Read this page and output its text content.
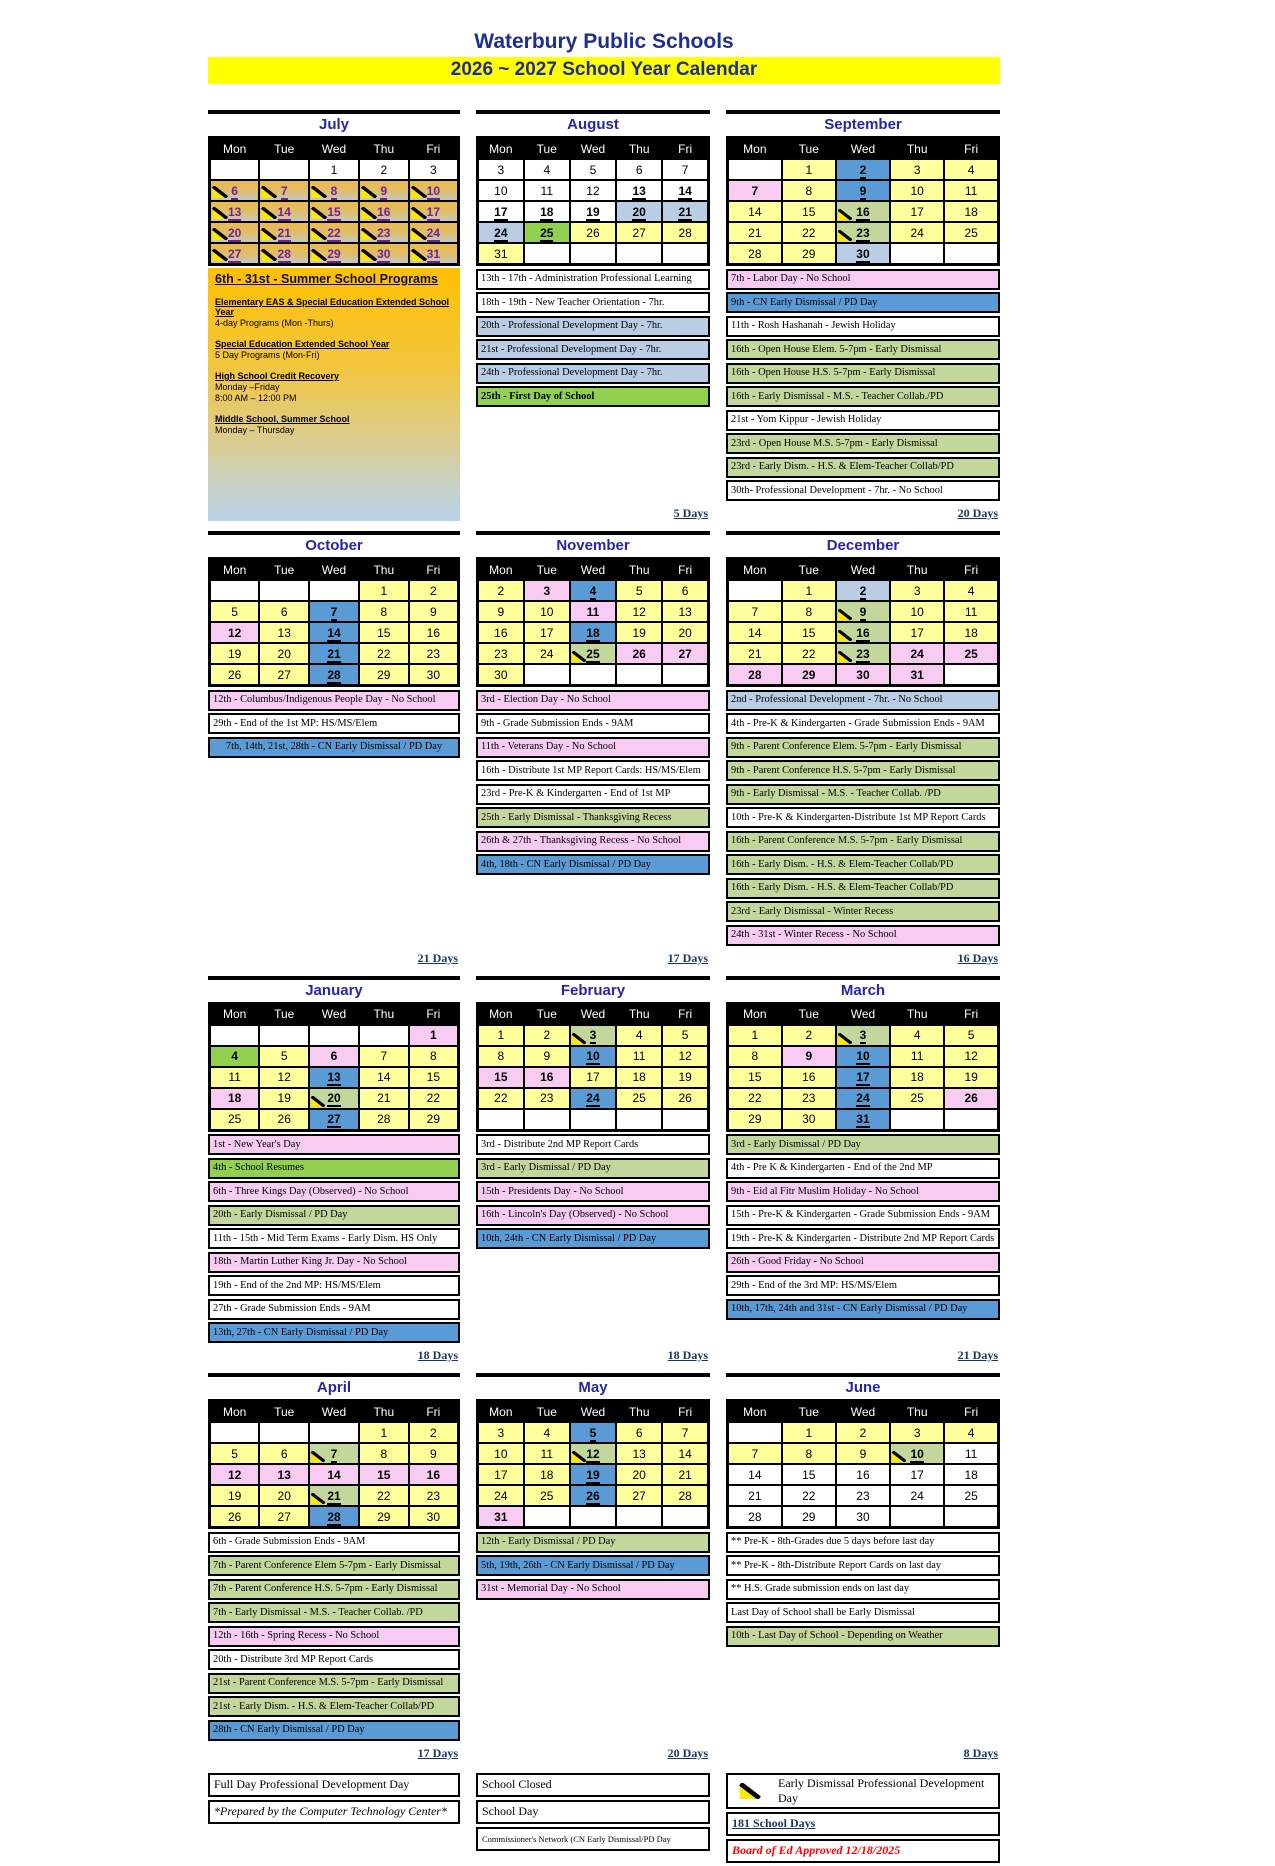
Waterbury Public Schools
2026 ~ 2027 School Year Calendar
July
Mon	Tue	Wed	Thu	Fri
		1	2	3

6	7	8	9	10

13	14	15	16	17

20	21	22	23	24

27	28	29	30	31
6th - 31st - Summer School Programs
Elementary EAS & Special Education Extended School Year
4-day Programs (Mon -Thurs)
Special Education Extended School Year
5 Day Programs (Mon-Fri)
High School Credit Recovery
Monday –Friday
8:00 AM – 12:00 PM
Middle School, Summer School
Monday – Thursday
August
Mon	Tue	Wed	Thu	Fri
3	4	5	6	7
10	11	12	13	14
17	18	19	20	21
24	25	26	27	28
31				
13th - 17th - Administration Professional Learning
18th - 19th - New Teacher Orientation - 7hr.
20th - Professional Development Day - 7hr.
21st - Professional Development Day - 7hr.
24th - Professional Development Day - 7hr.
25th - First Day of School
5 Days
September
Mon	Tue	Wed	Thu	Fri
	1	2	3	4
7	8	9	10	11
14	15	16	17	18
21	22	23	24	25
28	29	30		
7th - Labor Day - No School
9th - CN Early Dismissal / PD Day
11th - Rosh Hashanah - Jewish Holiday
16th - Open House Elem. 5-7pm - Early Dismissal
16th - Open House H.S. 5-7pm - Early Dismissal
16th - Early Dismissal - M.S. - Teacher Collab./PD
21st - Yom Kippur - Jewish Holiday
23rd - Open House M.S. 5-7pm - Early Dismissal
23rd - Early Dism. - H.S. & Elem-Teacher Collab/PD
30th- Professional Development - 7hr. - No School
20 Days
October
Mon	Tue	Wed	Thu	Fri
			1	2
5	6	7	8	9
12	13	14	15	16
19	20	21	22	23
26	27	28	29	30
12th - Columbus/Indigenous People Day - No School
29th - End of the 1st MP: HS/MS/Elem
7th, 14th, 21st, 28th - CN Early Dismissal / PD Day
21 Days
November
Mon	Tue	Wed	Thu	Fri
2	3	4	5	6
9	10	11	12	13
16	17	18	19	20
23	24	25	26	27
30				
3rd - Election Day - No School
9th - Grade Submission Ends - 9AM
11th - Veterans Day - No School
16th - Distribute 1st MP Report Cards: HS/MS/Elem
23rd - Pre-K & Kindergarten - End of 1st MP
25th - Early Dismissal - Thanksgiving Recess
26th & 27th - Thanksgiving Recess - No School
4th, 18th - CN Early Dismissal / PD Day
17 Days
December
Mon	Tue	Wed	Thu	Fri
	1	2	3	4
7	8	9	10	11
14	15	16	17	18
21	22	23	24	25
28	29	30	31	
2nd - Professional Development - 7hr. - No School
4th - Pre-K & Kindergarten - Grade Submission Ends - 9AM
9th - Parent Conference Elem. 5-7pm - Early Dismissal
9th - Parent Conference H.S. 5-7pm - Early Dismissal
9th - Early Dismissal - M.S. - Teacher Collab. /PD
10th - Pre-K & Kindergarten-Distribute 1st MP Report Cards
16th - Parent Conference M.S. 5-7pm - Early Dismissal
16th - Early Dism. - H.S. & Elem-Teacher Collab/PD
16th - Early Dism. - H.S. & Elem-Teacher Collab/PD
23rd - Early Dismissal - Winter Recess
24th - 31st - Winter Recess - No School
16 Days
January
Mon	Tue	Wed	Thu	Fri
				1
4	5	6	7	8
11	12	13	14	15
18	19	20	21	22
25	26	27	28	29
1st - New Year's Day
4th - School Resumes
6th - Three Kings Day (Observed) - No School
20th - Early Dismissal / PD Day
11th - 15th - Mid Term Exams - Early Dism. HS Only
18th - Martin Luther King Jr. Day - No School
19th - End of the 2nd MP: HS/MS/Elem
27th - Grade Submission Ends - 9AM
13th, 27th - CN Early Dismissal / PD Day
18 Days
February
Mon	Tue	Wed	Thu	Fri
1	2	3	4	5
8	9	10	11	12
15	16	17	18	19
22	23	24	25	26

3rd - Distribute 2nd MP Report Cards
3rd - Early Dismissal / PD Day
15th - Presidents Day - No School
16th - Lincoln's Day (Observed) - No School
10th, 24th - CN Early Dismissal / PD Day
18 Days
March
Mon	Tue	Wed	Thu	Fri
1	2	3	4	5
8	9	10	11	12
15	16	17	18	19
22	23	24	25	26
29	30	31		
3rd - Early Dismissal / PD Day
4th - Pre K & Kindergarten - End of the 2nd MP
9th - Eid al Fitr Muslim Holiday - No School
15th - Pre-K & Kindergarten - Grade Submission Ends - 9AM
19th - Pre-K & Kindergarten - Distribute 2nd MP Report Cards
26th - Good Friday - No School
29th - End of the 3rd MP: HS/MS/Elem
10th, 17th, 24th and 31st - CN Early Dismissal / PD Day
21 Days
April
Mon	Tue	Wed	Thu	Fri
			1	2
5	6	7	8	9
12	13	14	15	16
19	20	21	22	23
26	27	28	29	30
6th - Grade Submission Ends - 9AM
7th - Parent Conference Elem 5-7pm - Early Dismissal
7th - Parent Conference H.S. 5-7pm - Early Dismissal
7th - Early Dismissal - M.S. - Teacher Collab. /PD
12th - 16th - Spring Recess - No School
20th - Distribute 3rd MP Report Cards
21st - Parent Conference M.S. 5-7pm - Early Dismissal
21st - Early Dism. - H.S. & Elem-Teacher Collab/PD
28th - CN Early Dismissal / PD Day
17 Days
May
Mon	Tue	Wed	Thu	Fri
3	4	5	6	7
10	11	12	13	14
17	18	19	20	21
24	25	26	27	28
31				
12th - Early Dismissal / PD Day
5th, 19th, 26th - CN Early Dismissal / PD Day
31st - Memorial Day - No School
20 Days
June
Mon	Tue	Wed	Thu	Fri
	1	2	3	4
7	8	9	10	11
14	15	16	17	18
21	22	23	24	25
28	29	30		
** Pre-K - 8th-Grades due 5 days before last day
** Pre-K - 8th-Distribute Report Cards on last day
** H.S. Grade submission ends on last day
Last Day of School shall be Early Dismissal
10th - Last Day of School - Depending on Weather
8 Days
Full Day Professional Development Day
*Prepared by the Computer Technology Center*
School Closed
School Day
Commissioner's Network (CN Early Dismissal/PD Day
Early Dismissal Professional Development Day
181 School Days
Board of Ed Approved 12/18/2025
